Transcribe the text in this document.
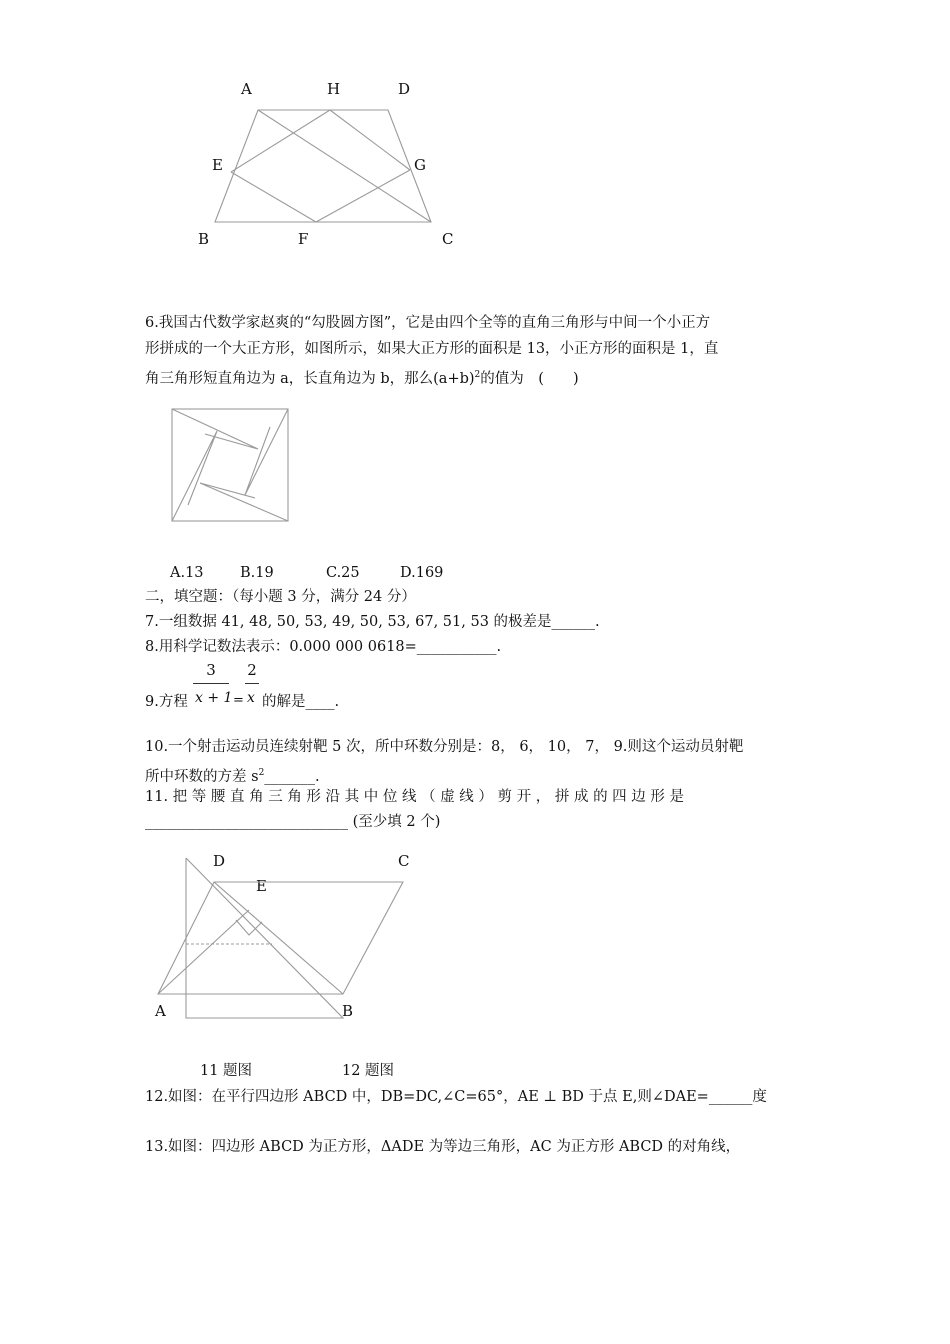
A	H	D
E	G
B	F	C
6.我国古代数学家赵爽的“勾股圆方图”，它是由四个全等的直角三角形与中间一个小正方
形拼成的一个大正方形，如图所示，如果大正方形的面积是 13，小正方形的面积是 1，直
角三角形短直角边为 a，长直角边为 b，那么$(a+b)^2$的值为　(　　)
A.13	B.19	C.25	D.169
二，填空题：（每小题 3 分，满分 24 分）
7.一组数据 41, 48, 50, 53, 49, 50, 53, 67, 51, 53 的极差是______.
8.用科学记数法表示：0.000 000 0618=___________.
9.方程
3
x + 1 =
2
x 的解是____.
10.一个射击运动员连续射靶 5 次，所中环数分别是：8， 6， 10， 7， 9.则这个运动员射靶
所中环数的方差 $s^2\_\_\_\_\_\_\_$.
11. 把 等 腰 直 角 三 角 形 沿 其 中 位 线 （ 虚 线 ） 剪 开 ， 拼 成 的 四 边 形 是
____________________________ (至少填 2 个)
D	C
E
A	B
11 题图	12 题图
12.如图：在平行四边形 ABCD 中，DB=DC,∠C=65°，AE ⊥ BD 于点 E,则∠DAE=______度
13.如图：四边形 ABCD 为正方形，ΔADE 为等边三角形，AC 为正方形 ABCD 的对角线，
